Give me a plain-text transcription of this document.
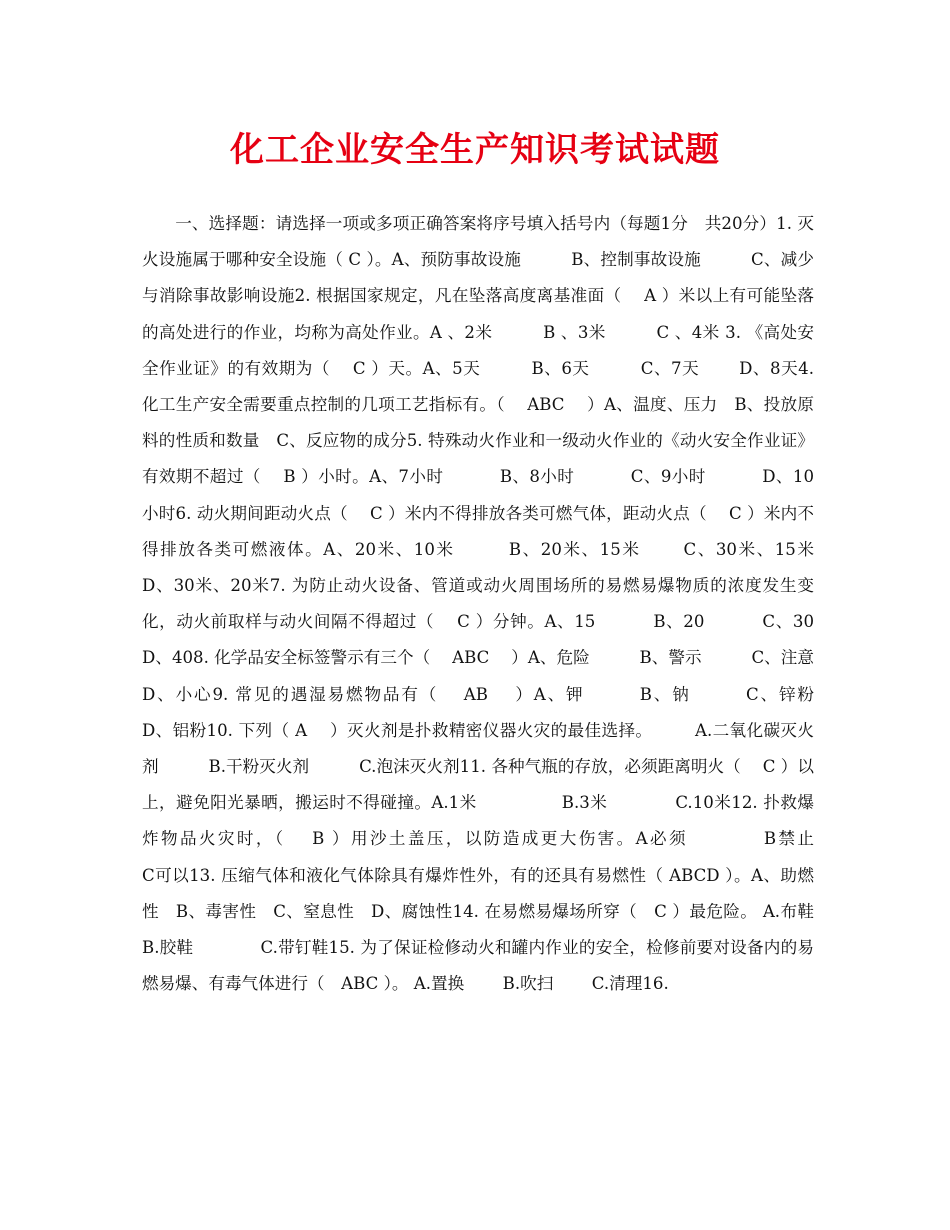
化工企业安全生产知识考试试题

一、选择题：请选择一项或多项正确答案将序号填入括号内（每题1分　共20分）1. 灭火设施属于哪种安全设施（ C ）。A、预防事故设施　　　B、控制事故设施　　　C、减少与消除事故影响设施2. 根据国家规定，凡在坠落高度离基准面（　 A ）米以上有可能坠落的高处进行的作业，均称为高处作业。A 、2米　　　B 、3米　　　C 、4米 3. 《高处安全作业证》的有效期为（　 C ）天。A、5天　　　B、6天　　　C、7天　　 D、8天4. 化工生产安全需要重点控制的几项工艺指标有。（　 ABC　 ）A、温度、压力　B、投放原料的性质和数量　C、反应物的成分5. 特殊动火作业和一级动火作业的《动火安全作业证》有效期不超过（　 B ）小时。A、7小时　　　 B、8小时　　　 C、9小时　　　 D、10小时6. 动火期间距动火点（　 C ）米内不得排放各类可燃气体，距动火点（　 C ）米内不得排放各类可燃液体。A、20米、10米　　　B、20米、15米　　 C、30米、15米　　 D、30米、20米7. 为防止动火设备、管道或动火周围场所的易燃易爆物质的浓度发生变化，动火前取样与动火间隔不得超过（　 C ）分钟。A、15　　　 B、20　　　 C、30　　 D、408. 化学品安全标签警示有三个（　 ABC　 ）A、危险　　　B、警示　　　C、注意　　　D、小心9. 常见的遇湿易燃物品有（　 AB　 ）A、钾　　　B、钠　　　C、锌粉　　　D、铝粉10. 下列（ A　 ）灭火剂是扑救精密仪器火灾的最佳选择。　　　A.二氧化碳灭火剂　　　B.干粉灭火剂　　　C.泡沫灭火剂11. 各种气瓶的存放，必须距离明火（　 C ）以上，避免阳光暴晒，搬运时不得碰撞。A.1米　　　　　B.3米　　　　C.10米12. 扑救爆炸物品火灾时，（　 B ）用沙土盖压，以防造成更大伤害。A必须　　　　B禁止　　　　　C可以13. 压缩气体和液化气体除具有爆炸性外，有的还具有易燃性（ ABCD ）。A、助燃性　B、毒害性　C、窒息性　D、腐蚀性14. 在易燃易爆场所穿（　C ）最危险。 A.布鞋　　　　B.胶鞋　　　　C.带钉鞋15. 为了保证检修动火和罐内作业的安全，检修前要对设备内的易燃易爆、有毒气体进行（　ABC ）。 A.置换　　 B.吹扫　　 C.清理16.
